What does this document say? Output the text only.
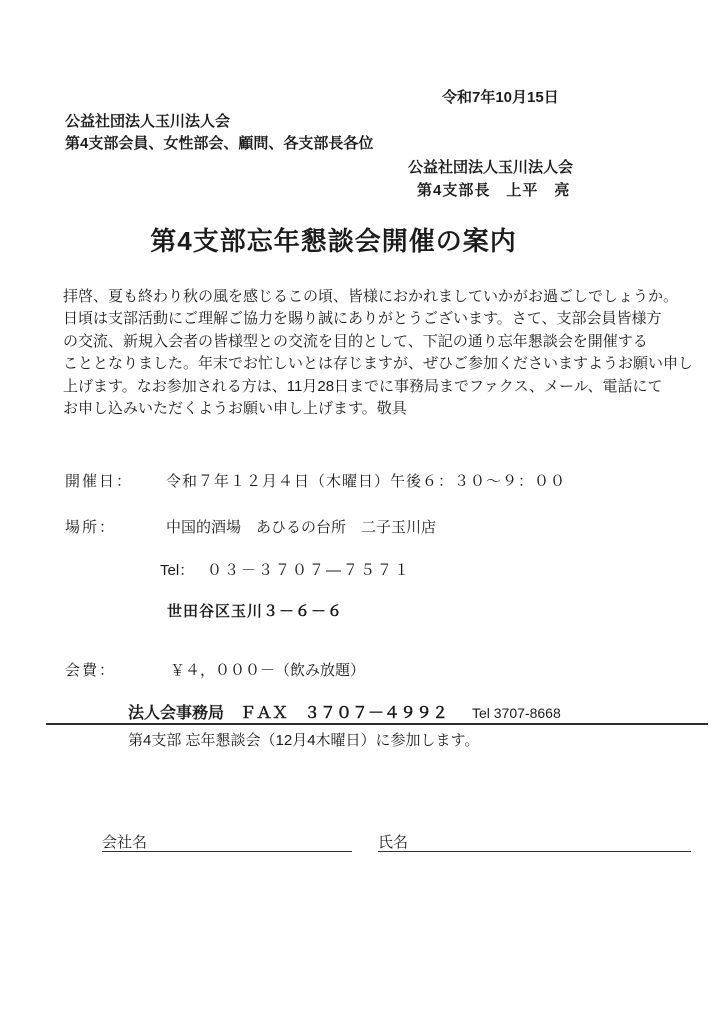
令和7年10月15日
公益社団法人玉川法人会
第4支部会員、女性部会、顧問、各支部長各位
公益社団法人玉川法人会
第4支部長　上平　亮
第4支部忘年懇談会開催の案内
拝啓、夏も終わり秋の風を感じるこの頃、皆様におかれましていかがお過ごしでしょうか。
日頃は支部活動にご理解ご協力を賜り誠にありがとうございます。さて、支部会員皆様方
の交流、新規入会者の皆様型との交流を目的として、下記の通り忘年懇談会を開催する
こととなりました。年末でお忙しいとは存じますが、ぜひご参加くださいますようお願い申し
上げます。なお参加される方は、11月28日までに事務局までファクス、メール、電話にて
お申し込みいただくようお願い申し上げます。敬具
開催日： 令和７年１２月４日（木曜日）午後６：３０～９：００
場所：	中国的酒場　あひるの台所　二子玉川店
Tel： ０３－３７０７—７５７１
世田谷区玉川３－６－６
会費：	￥４，０００－（飲み放題）
法人会事務局　ＦＡＸ　３７０７－４９９２ Tel 3707-8668
第4支部 忘年懇談会（12月4木曜日）に参加します。
会社名	氏名
